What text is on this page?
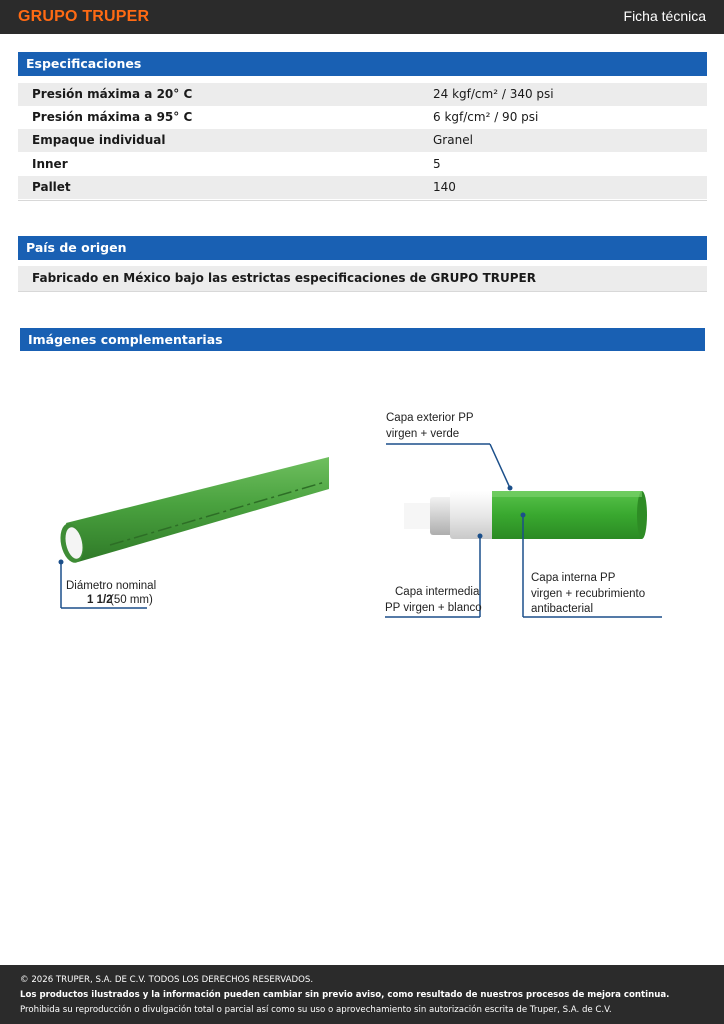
GRUPO TRUPER	Ficha técnica
Especificaciones
Presión máxima a 20° C	24 kgf/cm² / 340 psi
Presión máxima a 95° C	6 kgf/cm² / 90 psi
Empaque individual	Granel
Inner	5
Pallet	140
País de origen
Fabricado en México bajo las estrictas especificaciones de GRUPO TRUPER
Imágenes complementarias
Diámetro nominal
1 1/2
(50 mm)
Capa exterior PP
virgen + verde
Capa intermedia
PP virgen + blanco
Capa interna PP
virgen + recubrimiento
antibacterial
© 2026 TRUPER, S.A. DE C.V. TODOS LOS DERECHOS RESERVADOS.
Los productos ilustrados y la información pueden cambiar sin previo aviso, como resultado de nuestros procesos de mejora continua.
Prohibida su reproducción o divulgación total o parcial así como su uso o aprovechamiento sin autorización escrita de Truper, S.A. de C.V.
